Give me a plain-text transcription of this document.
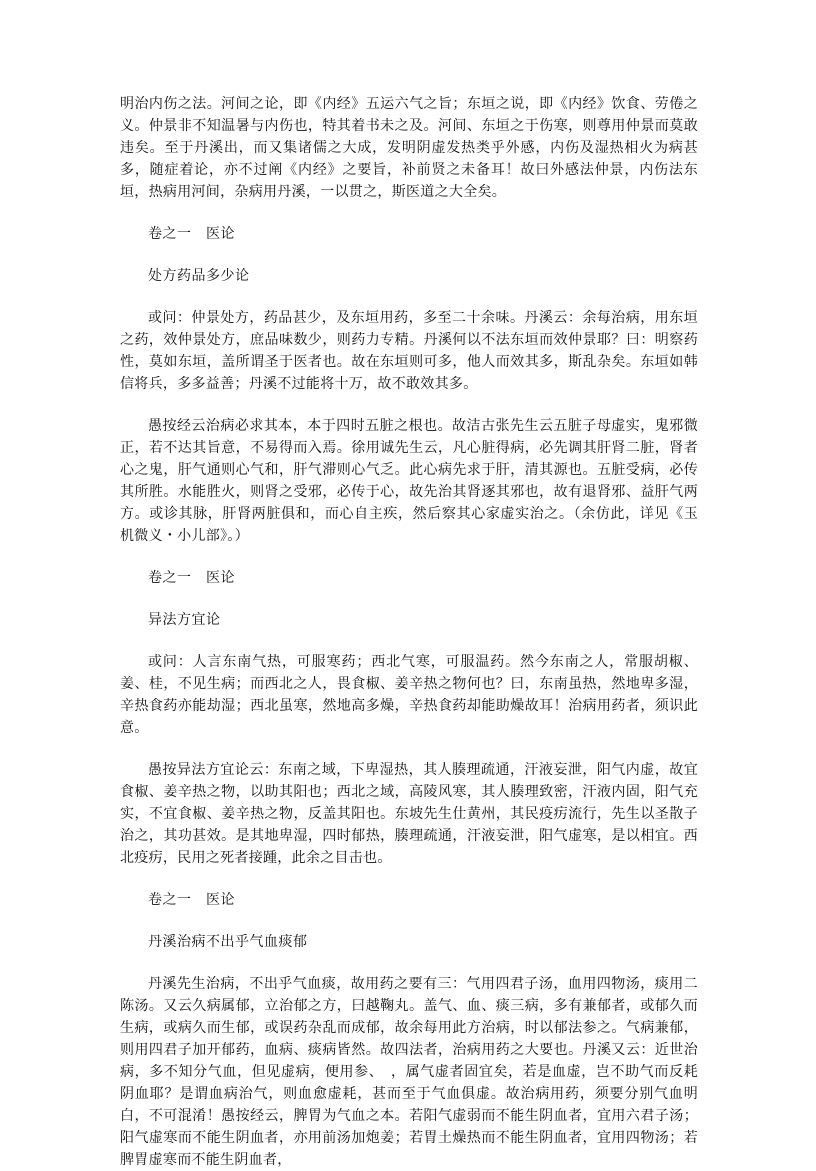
明治内伤之法。河间之论，即《内经》五运六气之旨；东垣之说，即《内经》饮食、劳倦之义。仲景非不知温暑与内伤也，特其着书未之及。河间、东垣之于伤寒，则尊用仲景而莫敢违矣。至于丹溪出，而又集诸儒之大成，发明阴虚发热类乎外感，内伤及湿热相火为病甚多，随症着论，亦不过阐《内经》之要旨，补前贤之未备耳！故曰外感法仲景，内伤法东垣，热病用河间，杂病用丹溪，一以贯之，斯医道之大全矣。

卷之一　医论

处方药品多少论

或问：仲景处方，药品甚少，及东垣用药，多至二十余味。丹溪云：余每治病，用东垣之药，效仲景处方，庶品味数少，则药力专精。丹溪何以不法东垣而效仲景耶？曰：明察药性，莫如东垣，盖所谓圣于医者也。故在东垣则可多，他人而效其多，斯乱杂矣。东垣如韩信将兵，多多益善；丹溪不过能将十万，故不敢效其多。

愚按经云治病必求其本，本于四时五脏之根也。故洁古张先生云五脏子母虚实，鬼邪微正，若不达其旨意，不易得而入焉。徐用诚先生云，凡心脏得病，必先调其肝肾二脏，肾者心之鬼，肝气通则心气和，肝气滞则心气乏。此心病先求于肝，清其源也。五脏受病，必传其所胜。水能胜火，则肾之受邪，必传于心，故先治其肾逐其邪也，故有退肾邪、益肝气两方。或诊其脉，肝肾两脏俱和，而心自主疾，然后察其心家虚实治之。（余仿此，详见《玉机微义・小儿部》。）

卷之一　医论

异法方宜论

或问：人言东南气热，可服寒药；西北气寒，可服温药。然今东南之人，常服胡椒、姜、桂，不见生病；而西北之人，畏食椒、姜辛热之物何也？曰，东南虽热，然地卑多湿，辛热食药亦能劫湿；西北虽寒，然地高多燥，辛热食药却能助燥故耳！治病用药者，须识此意。

愚按异法方宜论云：东南之域，下卑湿热，其人腠理疏通，汗液妄泄，阳气内虚，故宜食椒、姜辛热之物，以助其阳也；西北之域，高陵风寒，其人腠理致密，汗液内固，阳气充实，不宜食椒、姜辛热之物，反盖其阳也。东坡先生仕黄州，其民疫疠流行，先生以圣散子治之，其功甚效。是其地卑湿，四时郁热，腠理疏通，汗液妄泄，阳气虚寒，是以相宜。西北疫疠，民用之死者接踵，此余之目击也。

卷之一　医论

丹溪治病不出乎气血痰郁

丹溪先生治病，不出乎气血痰，故用药之要有三：气用四君子汤，血用四物汤，痰用二陈汤。又云久病属郁，立治郁之方，曰越鞠丸。盖气、血、痰三病，多有兼郁者，或郁久而生病，或病久而生郁，或误药杂乱而成郁，故余每用此方治病，时以郁法参之。气病兼郁，则用四君子加开郁药，血病、痰病皆然。故四法者，治病用药之大要也。丹溪又云：近世治病，多不知分气血，但见虚病，便用参、　，属气虚者固宜矣，若是血虚，岂不助气而反耗阴血耶？是谓血病治气，则血愈虚耗，甚而至于气血俱虚。故治病用药，须要分别气血明白，不可混淆！愚按经云，脾胃为气血之本。若阳气虚弱而不能生阴血者，宜用六君子汤；阳气虚寒而不能生阴血者，亦用前汤加炮姜；若胃土燥热而不能生阴血者，宜用四物汤；若脾胃虚寒而不能生阴血者，
